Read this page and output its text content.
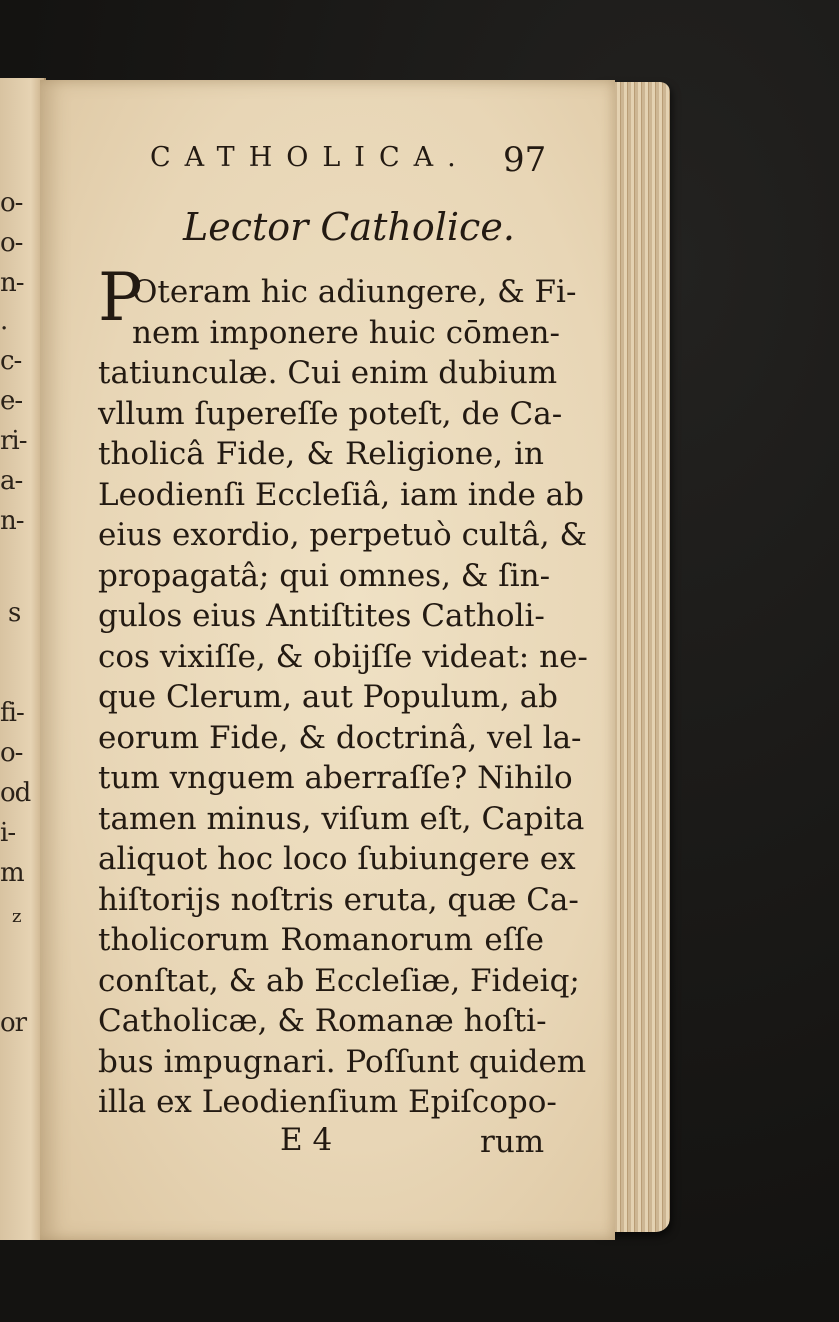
o-
o-
n-
.
c-
e-
ri-
a-
n-
s
fi-
o-
od
i-
m
z
or
CATHOLICA. 97
Lector Catholice.
P
Oteram hic adiungere, & Fi-
nem imponere huic cōmen-
tatiunculæ. Cui enim dubium
vllum ſupereſſe poteſt, de Ca-
tholicâ Fide, & Religione, in
Leodienſi Eccleſiâ, iam inde ab
eius exordio, perpetuò cultâ, &
propagatâ; qui omnes, & ſin-
gulos eius Antiſtites Catholi-
cos vixiſſe, & obijſſe videat: ne-
que Clerum, aut Populum, ab
eorum Fide, & doctrinâ, vel la-
tum vnguem aberraſſe? Nihilo
tamen minus, viſum eſt, Capita
aliquot hoc loco ſubiungere ex
hiſtorijs noſtris eruta, quæ Ca-
tholicorum Romanorum eſſe
conſtat, & ab Eccleſiæ, Fideiq;
Catholicæ, & Romanæ hoſti-
bus impugnari. Poſſunt quidem
illa ex Leodienſium Epiſcopo-
E 4	rum
